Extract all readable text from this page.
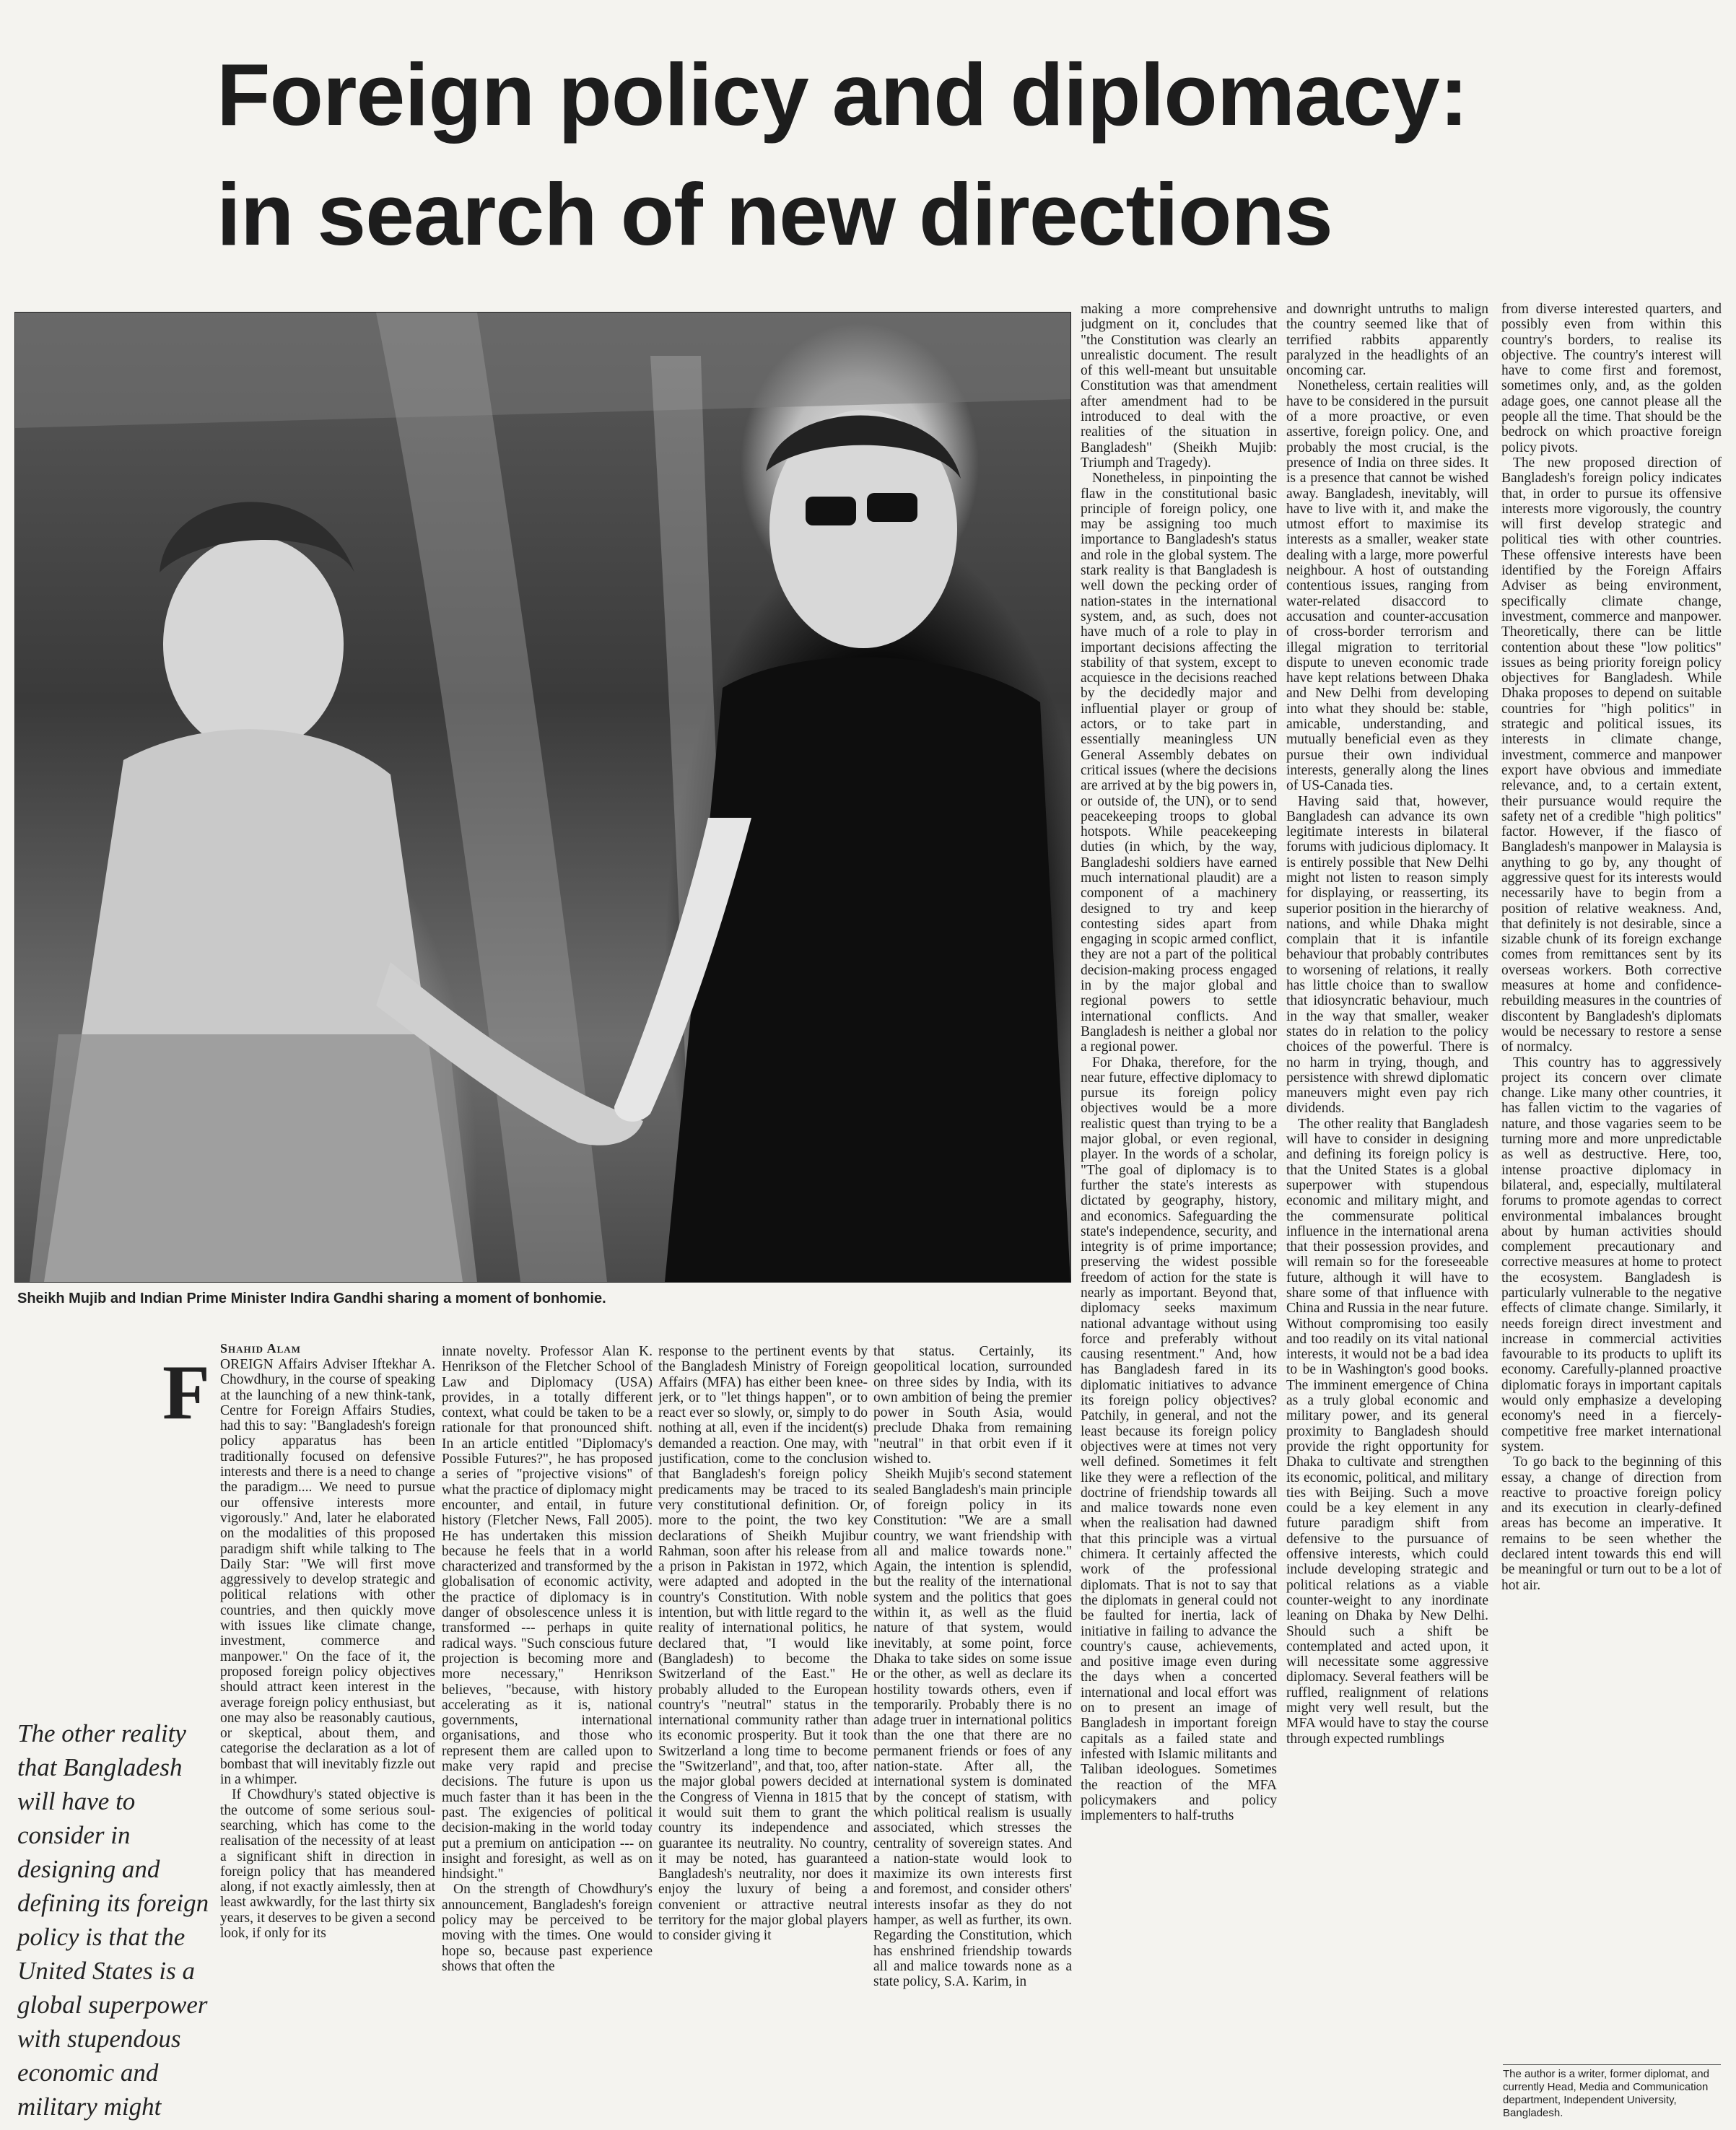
Foreign policy and diplomacy:
in search of new directions
Sheikh Mujib and Indian Prime Minister Indira Gandhi sharing a moment of bonhomie.
Shahid Alam
F
The other reality that Bangladesh will have to consider in designing and defining its foreign policy is that the United States is a global superpower with stupendous economic and military might

OREIGN Affairs Adviser Iftekhar A. Chowdhury, in the course of speaking at the launching of a new think-tank, Centre for Foreign Affairs Studies, had this to say: "Bangladesh's foreign policy apparatus has been traditionally focused on defensive interests and there is a need to change the paradigm.... We need to pursue our offensive interests more vigorously." And, later he elaborated on the modalities of this proposed paradigm shift while talking to The Daily Star: "We will first move aggressively to develop strategic and political relations with other countries, and then quickly move with issues like climate change, investment, commerce and manpower." On the face of it, the proposed foreign policy objectives should attract keen interest in the average foreign policy enthusiast, but one may also be reasonably cautious, or skeptical, about them, and categorise the declaration as a lot of bombast that will inevitably fizzle out in a whimper.

If Chowdhury's stated objective is the outcome of some serious soul-searching, which has come to the realisation of the necessity of at least a significant shift in direction in foreign policy that has meandered along, if not exactly aimlessly, then at least awkwardly, for the last thirty six years, it deserves to be given a second look, if only for its

innate novelty. Professor Alan K. Henrikson of the Fletcher School of Law and Diplomacy (USA) provides, in a totally different context, what could be taken to be a rationale for that pronounced shift. In an article entitled "Diplomacy's Possible Futures?", he has proposed a series of "projective visions" of what the practice of diplomacy might encounter, and entail, in future history (Fletcher News, Fall 2005). He has undertaken this mission because he feels that in a world characterized and transformed by the globalisation of economic activity, the practice of diplomacy is in danger of obsolescence unless it is transformed --- perhaps in quite radical ways. "Such conscious future projection is becoming more and more necessary," Henrikson believes, "because, with history accelerating as it is, national governments, international organisations, and those who represent them are called upon to make very rapid and precise decisions. The future is upon us much faster than it has been in the past. The exigencies of political decision-making in the world today put a premium on anticipation --- on insight and foresight, as well as on hindsight."

On the strength of Chowdhury's announcement, Bangladesh's foreign policy may be perceived to be moving with the times. One would hope so, because past experience shows that often the

response to the pertinent events by the Bangladesh Ministry of Foreign Affairs (MFA) has either been knee-jerk, or to "let things happen", or to react ever so slowly, or, simply to do nothing at all, even if the incident(s) demanded a reaction. One may, with justification, come to the conclusion that Bangladesh's foreign policy predicaments may be traced to its very constitutional definition. Or, more to the point, the two key declarations of Sheikh Mujibur Rahman, soon after his release from a prison in Pakistan in 1972, which were adapted and adopted in the country's Constitution. With noble intention, but with little regard to the reality of international politics, he declared that, "I would like (Bangladesh) to become the Switzerland of the East." He probably alluded to the European country's "neutral" status in the international community rather than its economic prosperity. But it took Switzerland a long time to become the "Switzerland", and that, too, after the major global powers decided at the Congress of Vienna in 1815 that it would suit them to grant the country its independence and guarantee its neutrality. No country, it may be noted, has guaranteed Bangladesh's neutrality, nor does it enjoy the luxury of being a convenient or attractive neutral territory for the major global players to consider giving it

that status. Certainly, its geopolitical location, surrounded on three sides by India, with its own ambition of being the premier power in South Asia, would preclude Dhaka from remaining "neutral" in that orbit even if it wished to.

Sheikh Mujib's second statement sealed Bangladesh's main principle of foreign policy in its Constitution: "We are a small country, we want friendship with all and malice towards none." Again, the intention is splendid, but the reality of the international system and the politics that goes within it, as well as the fluid nature of that system, would inevitably, at some point, force Dhaka to take sides on some issue or the other, as well as declare its hostility towards others, even if temporarily. Probably there is no adage truer in international politics than the one that there are no permanent friends or foes of any nation-state. After all, the international system is dominated by the concept of statism, with which political realism is usually associated, which stresses the centrality of sovereign states. And a nation-state would look to maximize its own interests first and foremost, and consider others' interests insofar as they do not hamper, as well as further, its own. Regarding the Constitution, which has enshrined friendship towards all and malice towards none as a state policy, S.A. Karim, in

making a more comprehensive judgment on it, concludes that "the Constitution was clearly an unrealistic document. The result of this well-meant but unsuitable Constitution was that amendment after amendment had to be introduced to deal with the realities of the situation in Bangladesh" (Sheikh Mujib: Triumph and Tragedy).

Nonetheless, in pinpointing the flaw in the constitutional basic principle of foreign policy, one may be assigning too much importance to Bangladesh's status and role in the global system. The stark reality is that Bangladesh is well down the pecking order of nation-states in the international system, and, as such, does not have much of a role to play in important decisions affecting the stability of that system, except to acquiesce in the decisions reached by the decidedly major and influential player or group of actors, or to take part in essentially meaningless UN General Assembly debates on critical issues (where the decisions are arrived at by the big powers in, or outside of, the UN), or to send peacekeeping troops to global hotspots. While peacekeeping duties (in which, by the way, Bangladeshi soldiers have earned much international plaudit) are a component of a machinery designed to try and keep contesting sides apart from engaging in scopic armed conflict, they are not a part of the political decision-making process engaged in by the major global and regional powers to settle international conflicts. And Bangladesh is neither a global nor a regional power.

For Dhaka, therefore, for the near future, effective diplomacy to pursue its foreign policy objectives would be a more realistic quest than trying to be a major global, or even regional, player. In the words of a scholar, "The goal of diplomacy is to further the state's interests as dictated by geography, history, and economics. Safeguarding the state's independence, security, and integrity is of prime importance; preserving the widest possible freedom of action for the state is nearly as important. Beyond that, diplomacy seeks maximum national advantage without using force and preferably without causing resentment." And, how has Bangladesh fared in its diplomatic initiatives to advance its foreign policy objectives? Patchily, in general, and not the least because its foreign policy objectives were at times not very well defined. Sometimes it felt like they were a reflection of the doctrine of friendship towards all and malice towards none even when the realisation had dawned that this principle was a virtual chimera. It certainly affected the work of the professional diplomats. That is not to say that the diplomats in general could not be faulted for inertia, lack of initiative in failing to advance the country's cause, achievements, and positive image even during the days when a concerted international and local effort was on to present an image of Bangladesh in important foreign capitals as a failed state and infested with Islamic militants and Taliban ideologues. Sometimes the reaction of the MFA policymakers and policy implementers to half-truths

and downright untruths to malign the country seemed like that of terrified rabbits apparently paralyzed in the headlights of an oncoming car.

Nonetheless, certain realities will have to be considered in the pursuit of a more proactive, or even assertive, foreign policy. One, and probably the most crucial, is the presence of India on three sides. It is a presence that cannot be wished away. Bangladesh, inevitably, will have to live with it, and make the utmost effort to maximise its interests as a smaller, weaker state dealing with a large, more powerful neighbour. A host of outstanding contentious issues, ranging from water-related disaccord to accusation and counter-accusation of cross-border terrorism and illegal migration to territorial dispute to uneven economic trade have kept relations between Dhaka and New Delhi from developing into what they should be: stable, amicable, understanding, and mutually beneficial even as they pursue their own individual interests, generally along the lines of US-Canada ties.

Having said that, however, Bangladesh can advance its own legitimate interests in bilateral forums with judicious diplomacy. It is entirely possible that New Delhi might not listen to reason simply for displaying, or reasserting, its superior position in the hierarchy of nations, and while Dhaka might complain that it is infantile behaviour that probably contributes to worsening of relations, it really has little choice than to swallow that idiosyncratic behaviour, much in the way that smaller, weaker states do in relation to the policy choices of the powerful. There is no harm in trying, though, and persistence with shrewd diplomatic maneuvers might even pay rich dividends.

The other reality that Bangladesh will have to consider in designing and defining its foreign policy is that the United States is a global superpower with stupendous economic and military might, and the commensurate political influence in the international arena that their possession provides, and will remain so for the foreseeable future, although it will have to share some of that influence with China and Russia in the near future. Without compromising too easily and too readily on its vital national interests, it would not be a bad idea to be in Washington's good books. The imminent emergence of China as a truly global economic and military power, and its general proximity to Bangladesh should provide the right opportunity for Dhaka to cultivate and strengthen its economic, political, and military ties with Beijing. Such a move could be a key element in any future paradigm shift from defensive to the pursuance of offensive interests, which could include developing strategic and political relations as a viable counter-weight to any inordinate leaning on Dhaka by New Delhi. Should such a shift be contemplated and acted upon, it will necessitate some aggressive diplomacy. Several feathers will be ruffled, realignment of relations might very well result, but the MFA would have to stay the course through expected rumblings

from diverse interested quarters, and possibly even from within this country's borders, to realise its objective. The country's interest will have to come first and foremost, sometimes only, and, as the golden adage goes, one cannot please all the people all the time. That should be the bedrock on which proactive foreign policy pivots.

The new proposed direction of Bangladesh's foreign policy indicates that, in order to pursue its offensive interests more vigorously, the country will first develop strategic and political ties with other countries. These offensive interests have been identified by the Foreign Affairs Adviser as being environment, specifically climate change, investment, commerce and manpower. Theoretically, there can be little contention about these "low politics" issues as being priority foreign policy objectives for Bangladesh. While Dhaka proposes to depend on suitable countries for "high politics" in strategic and political issues, its interests in climate change, investment, commerce and manpower export have obvious and immediate relevance, and, to a certain extent, their pursuance would require the safety net of a credible "high politics" factor. However, if the fiasco of Bangladesh's manpower in Malaysia is anything to go by, any thought of aggressive quest for its interests would necessarily have to begin from a position of relative weakness. And, that definitely is not desirable, since a sizable chunk of its foreign exchange comes from remittances sent by its overseas workers. Both corrective measures at home and confidence-rebuilding measures in the countries of discontent by Bangladesh's diplomats would be necessary to restore a sense of normalcy.

This country has to aggressively project its concern over climate change. Like many other countries, it has fallen victim to the vagaries of nature, and those vagaries seem to be turning more and more unpredictable as well as destructive. Here, too, intense proactive diplomacy in bilateral, and, especially, multilateral forums to promote agendas to correct environmental imbalances brought about by human activities should complement precautionary and corrective measures at home to protect the ecosystem. Bangladesh is particularly vulnerable to the negative effects of climate change. Similarly, it needs foreign direct investment and increase in commercial activities favourable to its products to uplift its economy. Carefully-planned proactive diplomatic forays in important capitals would only emphasize a developing economy's need in a fiercely-competitive free market international system.

To go back to the beginning of this essay, a change of direction from reactive to proactive foreign policy and its execution in clearly-defined areas has become an imperative. It remains to be seen whether the declared intent towards this end will be meaningful or turn out to be a lot of hot air.

The author is a writer, former diplomat, and currently Head, Media and Communication department, Independent University, Bangladesh.
